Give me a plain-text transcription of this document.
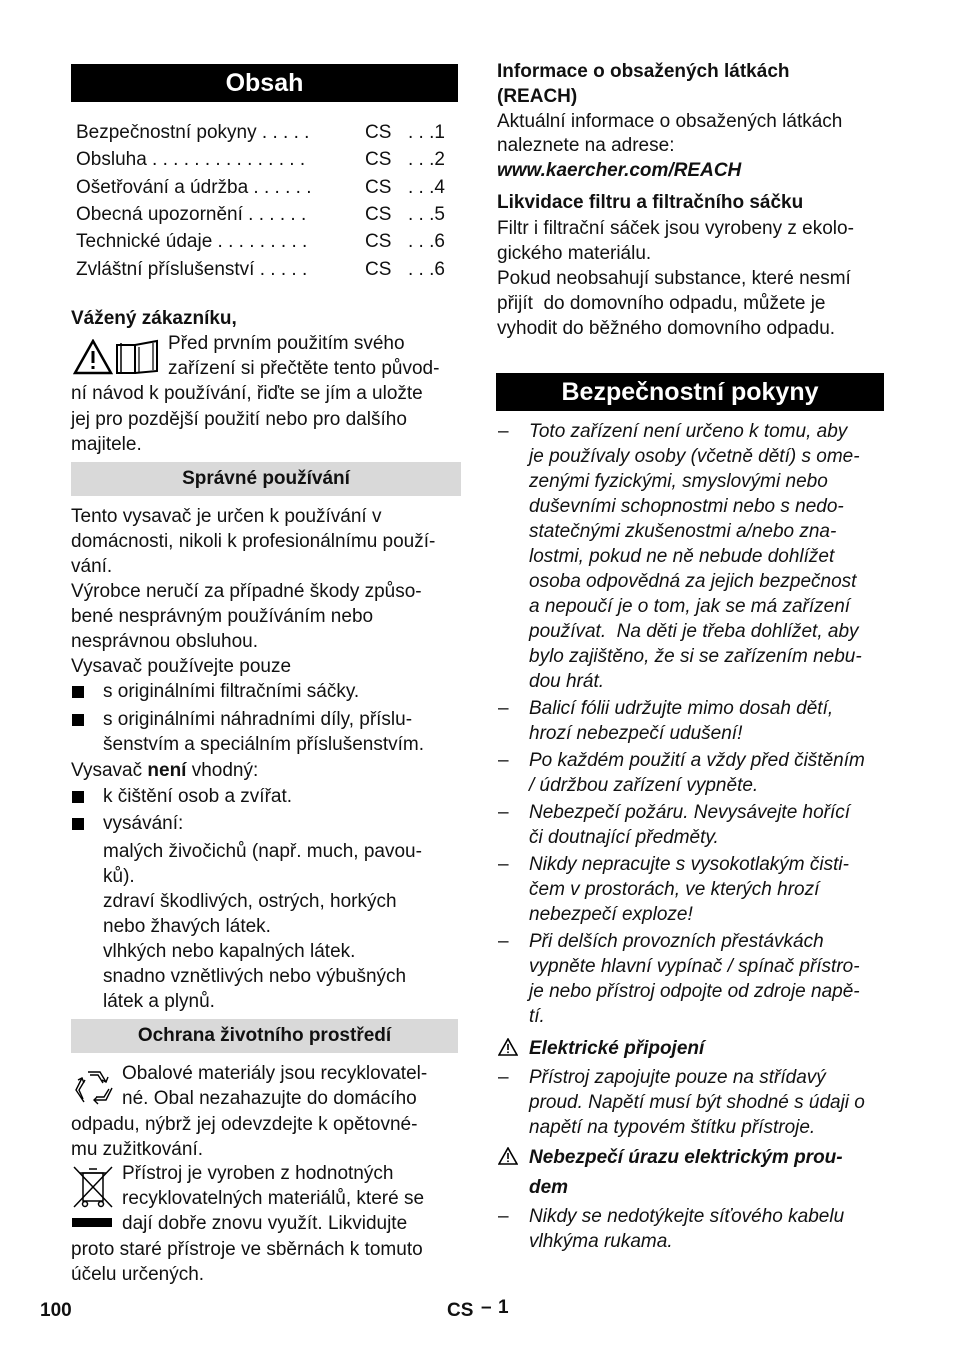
Obsah
Bezpečnostní pokyny . . . . .	CS . . .1
Obsluha . . . . . . . . . . . . . . .	CS . . .2
Ošetřování a údržba . . . . . .	CS . . .4
Obecná upozornění . . . . . .	CS . . .5
Technické údaje . . . . . . . . .	CS . . .6
Zvláštní příslušenství . . . . .	CS . . .6
Vážený zákazníku,
Před prvním použitím svého
zařízení si přečtěte tento původ-
ní návod k používání, řiďte se jím a uložte
jej pro pozdější použití nebo pro dalšího
majitele.
Správné používání
Tento vysavač je určen k používání v
domácnosti, nikoli k profesionálnímu použí-
vání.
Výrobce neručí za případné škody způso-
bené nesprávným používáním nebo
nesprávnou obsluhou.
Vysavač používejte pouze
s originálními filtračními sáčky.
s originálními náhradními díly, příslu-
šenstvím a speciálním příslušenstvím.
Vysavač není vhodný:
k čištění osob a zvířat.
vysávání:
malých živočichů (např. much, pavou-
ků).
zdraví škodlivých, ostrých, horkých
nebo žhavých látek.
vlhkých nebo kapalných látek.
snadno vznětlivých nebo výbušných
látek a plynů.
Ochrana životního prostředí
Obalové materiály jsou recyklovatel-
né. Obal nezahazujte do domácího
odpadu, nýbrž jej odevzdejte k opětovné-
mu zužitkování.
Přístroj je vyroben z hodnotných
recyklovatelných materiálů, které se
dají dobře znovu využít. Likvidujte
proto staré přístroje ve sběrnách k tomuto
účelu určených.
Informace o obsažených látkách
(REACH)
Aktuální informace o obsažených látkách
naleznete na adrese:
www.kaercher.com/REACH
Likvidace filtru a filtračního sáčku
Filtr i filtrační sáček jsou vyrobeny z ekolo-
gického materiálu.
Pokud neobsahují substance, které nesmí
přijít  do domovního odpadu, můžete je
vyhodit do běžného domovního odpadu.
Bezpečnostní pokyny
– Toto zařízení není určeno k tomu, aby
je používaly osoby (včetně dětí) s ome-
zenými fyzickými, smyslovými nebo
duševními schopnostmi nebo s nedo-
statečnými zkušenostmi a/nebo zna-
lostmi, pokud ne ně nebude dohlížet
osoba odpovědná za jejich bezpečnost
a nepoučí je o tom, jak se má zařízení
používat.  Na děti je třeba dohlížet, aby
bylo zajištěno, že si se zařízením nebu-
dou hrát.
– Balicí fólii udržujte mimo dosah dětí,
hrozí nebezpečí udušení!
– Po každém použití a vždy před čištěním
/ údržbou zařízení vypněte.
– Nebezpečí požáru. Nevysávejte hořící
či doutnající předměty.
– Nikdy nepracujte s vysokotlakým čisti-
čem v prostorách, ve kterých hrozí
nebezpečí exploze!
– Při delších provozních přestávkách
vypněte hlavní vypínač / spínač přístro-
je nebo přístroj odpojte od zdroje napě-
tí.
Elektrické připojení
– Přístroj zapojujte pouze na střídavý
proud. Napětí musí být shodné s údaji o
napětí na typovém štítku přístroje.
Nebezpečí úrazu elektrickým prou-
dem
– Nikdy se nedotýkejte síťového kabelu
vlhkýma rukama.
100	CS – 1
